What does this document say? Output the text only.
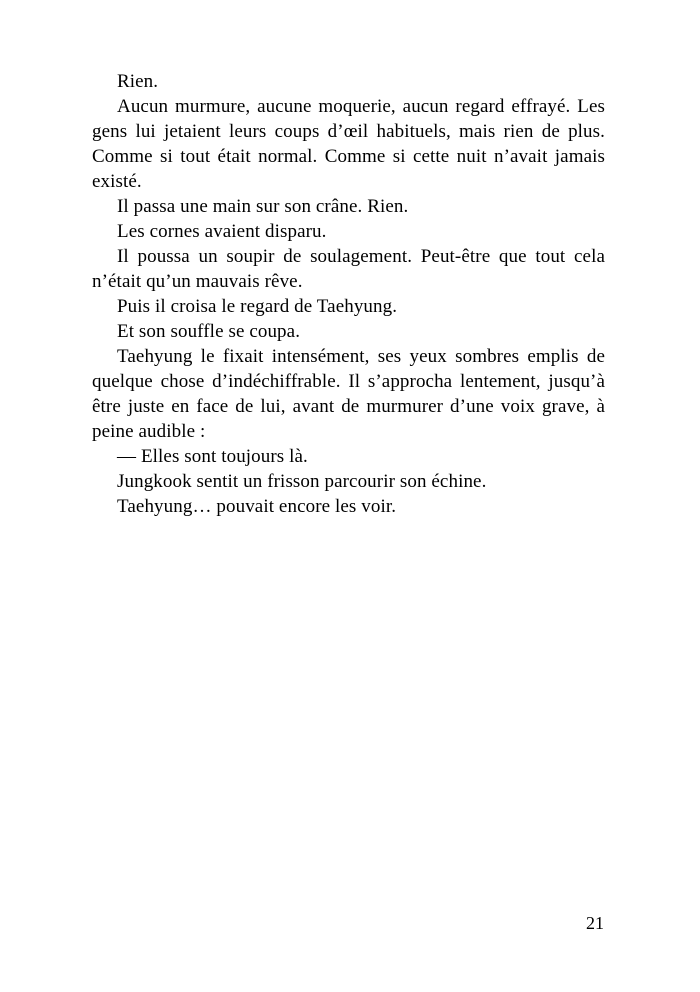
Rien.

Aucun murmure, aucune moquerie, aucun regard effrayé. Les gens lui jetaient leurs coups d’œil habituels, mais rien de plus. Comme si tout était normal. Comme si cette nuit n’avait jamais existé.

Il passa une main sur son crâne. Rien.

Les cornes avaient disparu.

Il poussa un soupir de soulagement. Peut-être que tout cela n’était qu’un mauvais rêve.

Puis il croisa le regard de Taehyung.

Et son souffle se coupa.

Taehyung le fixait intensément, ses yeux sombres emplis de quelque chose d’indéchiffrable. Il s’approcha lentement, jusqu’à être juste en face de lui, avant de murmurer d’une voix grave, à peine audible :

— Elles sont toujours là.

Jungkook sentit un frisson parcourir son échine.

Taehyung… pouvait encore les voir.

21
